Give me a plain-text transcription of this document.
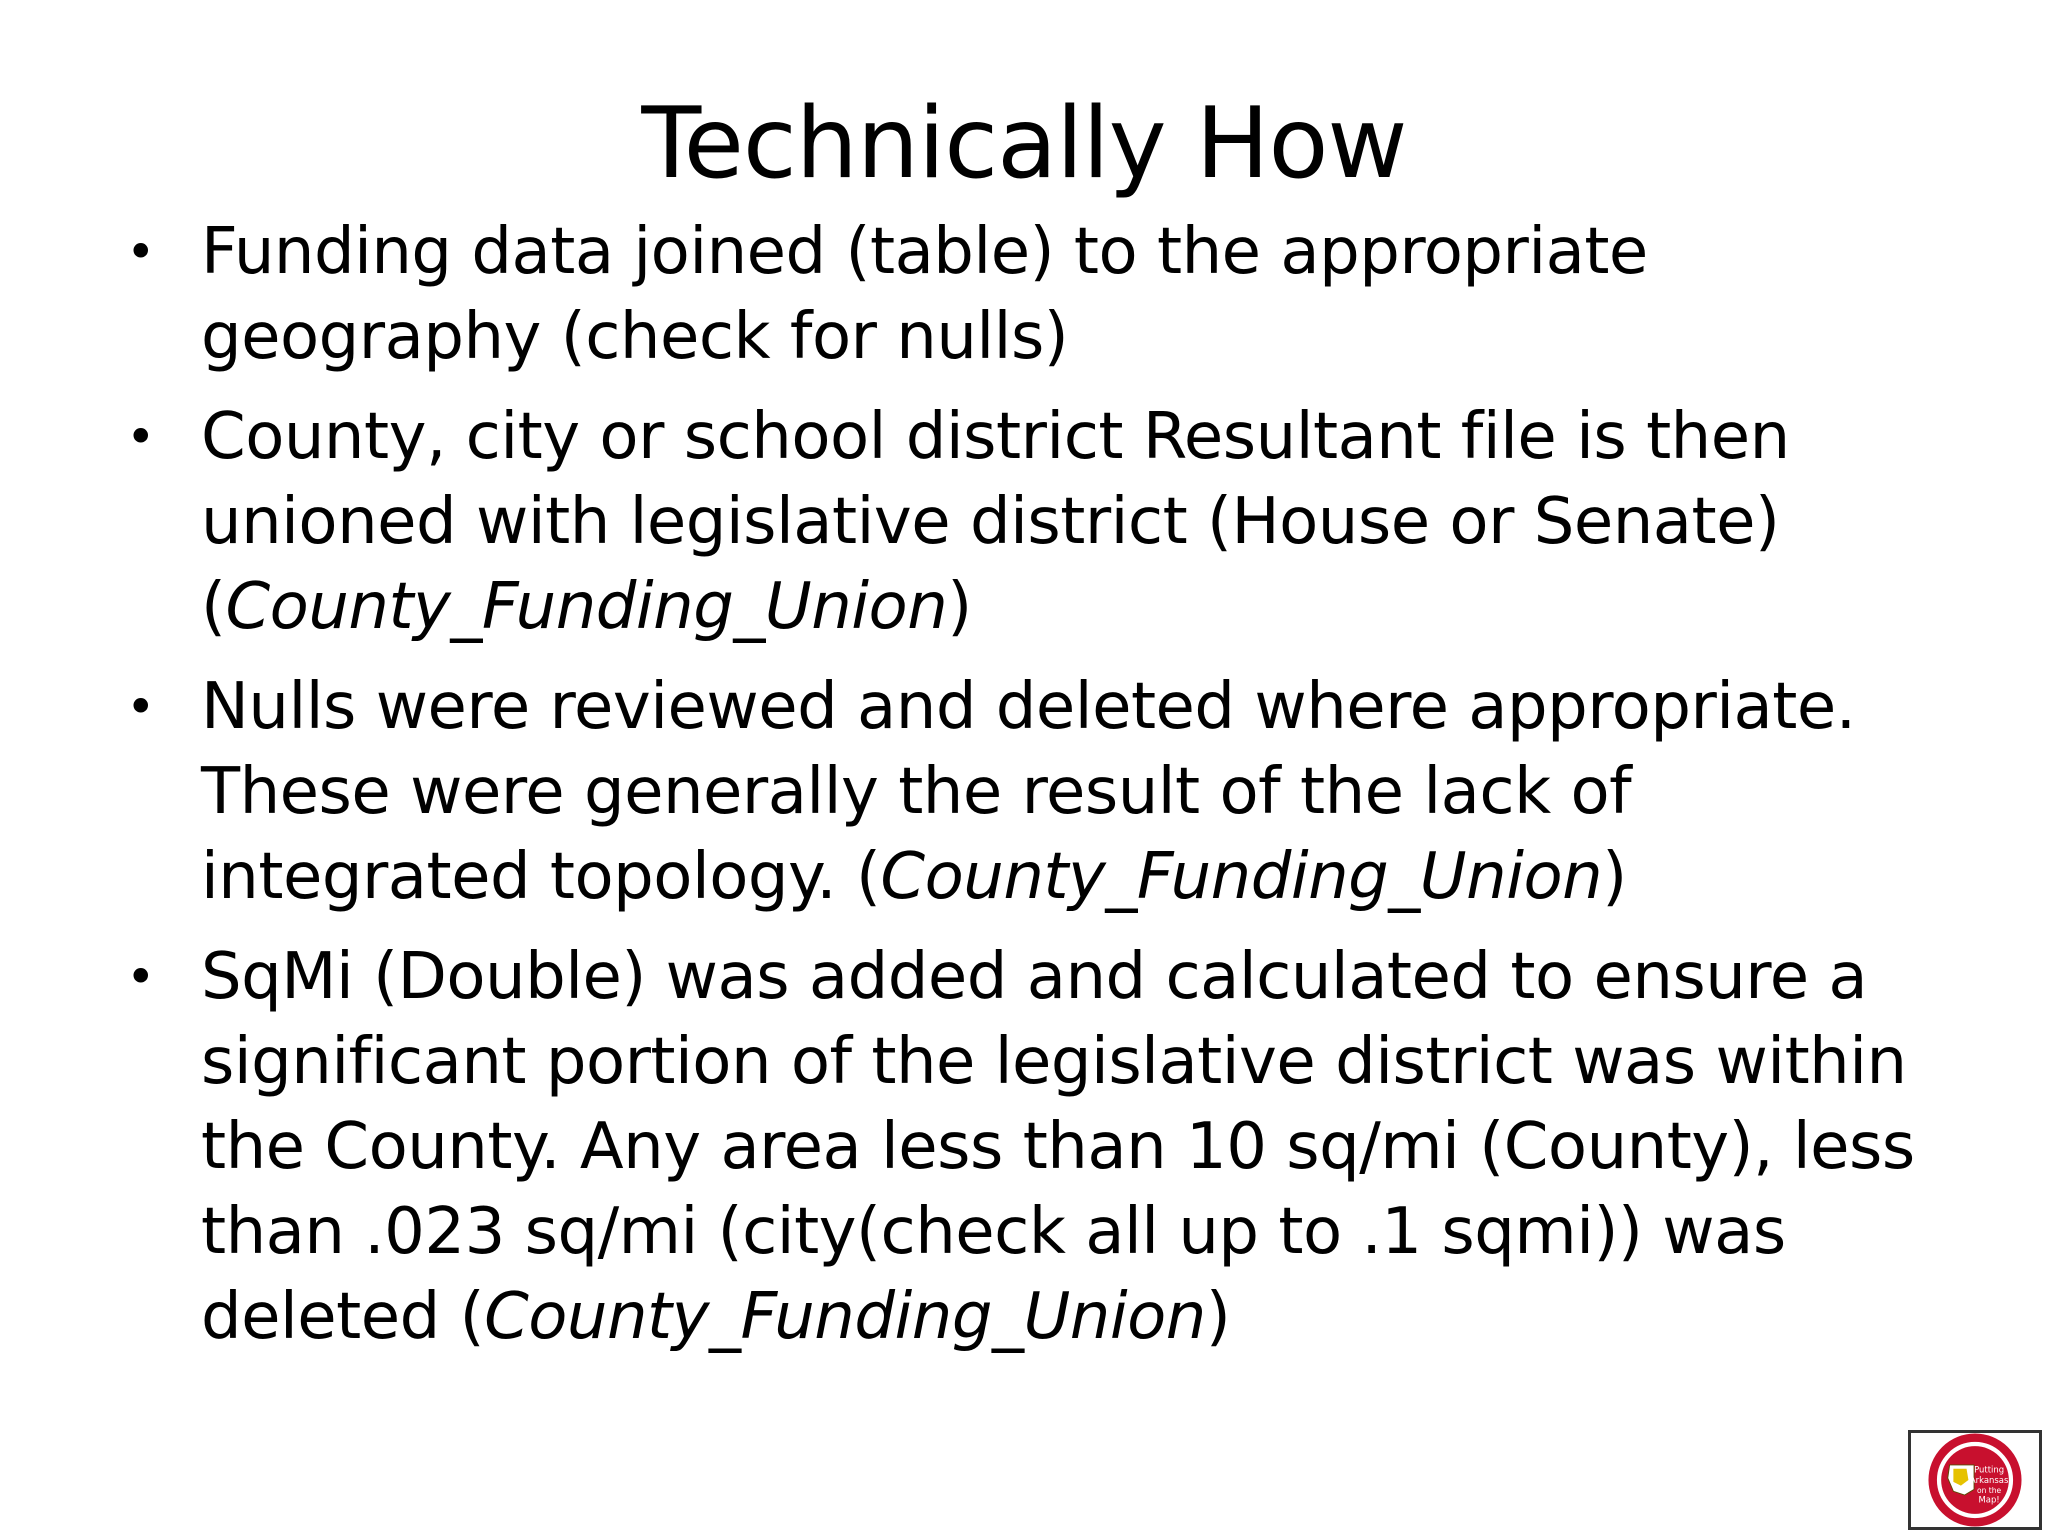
Technically How
• Funding data joined (table) to the appropriate geography (check for nulls)
• County, city or school district Resultant file is then unioned with legislative district (House or Senate) (County_Funding_Union)
• Nulls were reviewed and deleted where appropriate. These were generally the result of the lack of integrated topology. (County_Funding_Union)
• SqMi (Double) was added and calculated to ensure a significant portion of the legislative district was within the County. Any area less than 10 sq/mi (County), less than .023 sq/mi (city(check all up to .1 sqmi)) was deleted (County_Funding_Union)
Putting
Arkansas
on the
Map!
